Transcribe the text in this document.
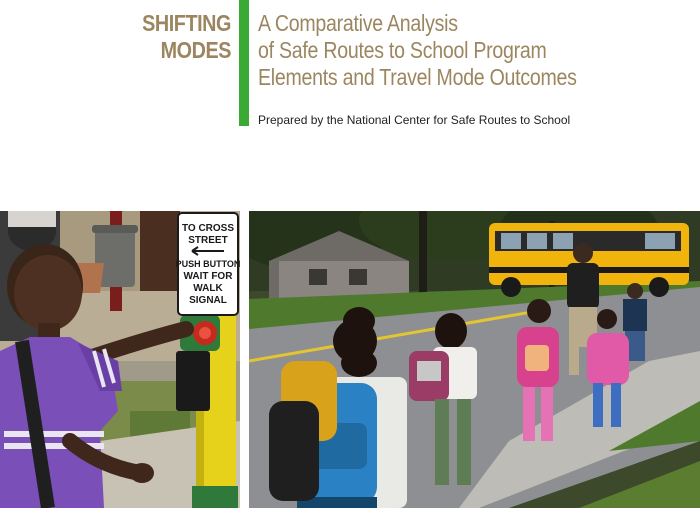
SHIFTING
MODES
A Comparative Analysis
of Safe Routes to School Program
Elements and Travel Mode Outcomes
Prepared by the National Center for Safe Routes to School
TO CROSS
STREET
PUSH BUTTON
WAIT FOR
WALK
SIGNAL
